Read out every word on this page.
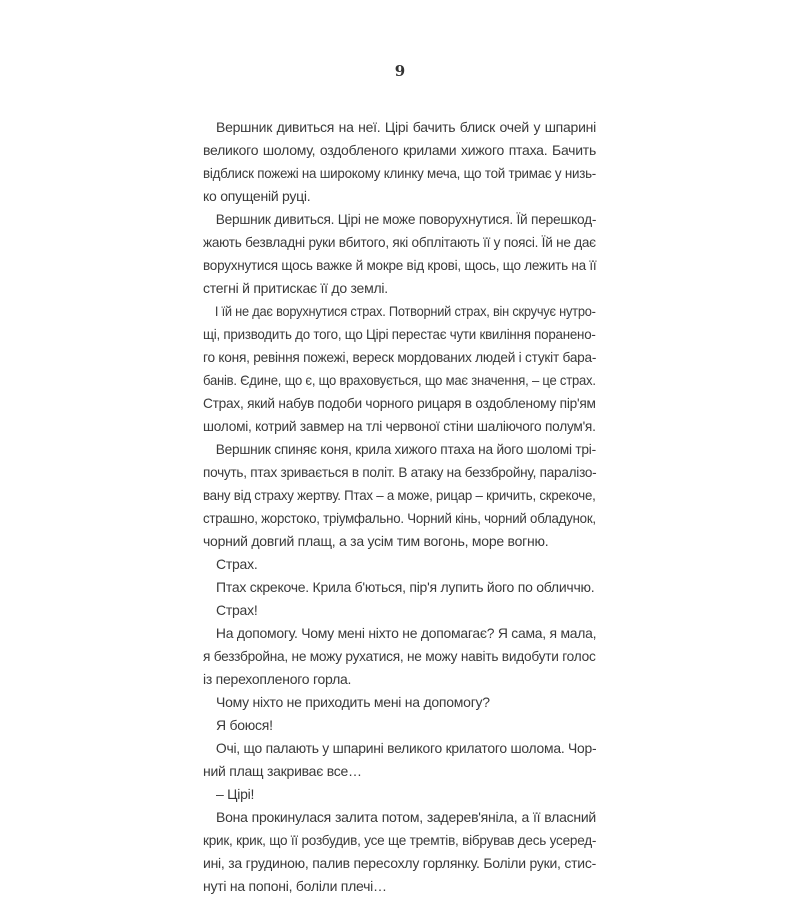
9
Вершник дивиться на неї. Цірі бачить блиск очей у шпарині
великого шолому, оздобленого крилами хижого птаха. Бачить
відблиск пожежі на широкому клинку меча, що той тримає у низь-
ко опущеній руці.
Вершник дивиться. Цірі не може поворухнутися. Їй перешкод-
жають безвладні руки вбитого, які обплітають її у поясі. Їй не дає
ворухнутися щось важке й мокре від крові, щось, що лежить на її
стегні й притискає її до землі.
І їй не дає ворухнутися страх. Потворний страх, він скручує нутро-
щі, призводить до того, що Цірі перестає чути квиління поранено-
го коня, ревіння пожежі, вереск мордованих людей і стукіт бара-
банів. Єдине, що є, що враховується, що має значення, – це страх.
Страх, який набув подоби чорного рицаря в оздобленому пір'ям
шоломі, котрий завмер на тлі червоної стіни шаліючого полум'я.
Вершник спиняє коня, крила хижого птаха на його шоломі трі-
почуть, птах зривається в політ. В атаку на беззбройну, паралізо-
вану від страху жертву. Птах – а може, рицар – кричить, скрекоче,
страшно, жорстоко, тріумфально. Чорний кінь, чорний обладунок,
чорний довгий плащ, а за усім тим вогонь, море вогню.
Страх.
Птах скрекоче. Крила б'ються, пір'я лупить його по обличчю.
Страх!
На допомогу. Чому мені ніхто не допомагає? Я сама, я мала,
я беззбройна, не можу рухатися, не можу навіть видобути голос
із перехопленого горла.
Чому ніхто не приходить мені на допомогу?
Я боюся!
Очі, що палають у шпарині великого крилатого шолома. Чор-
ний плащ закриває все…
– Цірі!
Вона прокинулася залита потом, задерев'яніла, а її власний
крик, крик, що її розбудив, усе ще тремтів, вібрував десь усеред-
ині, за грудиною, палив пересохлу горлянку. Боліли руки, стис-
нуті на попоні, боліли плечі…
